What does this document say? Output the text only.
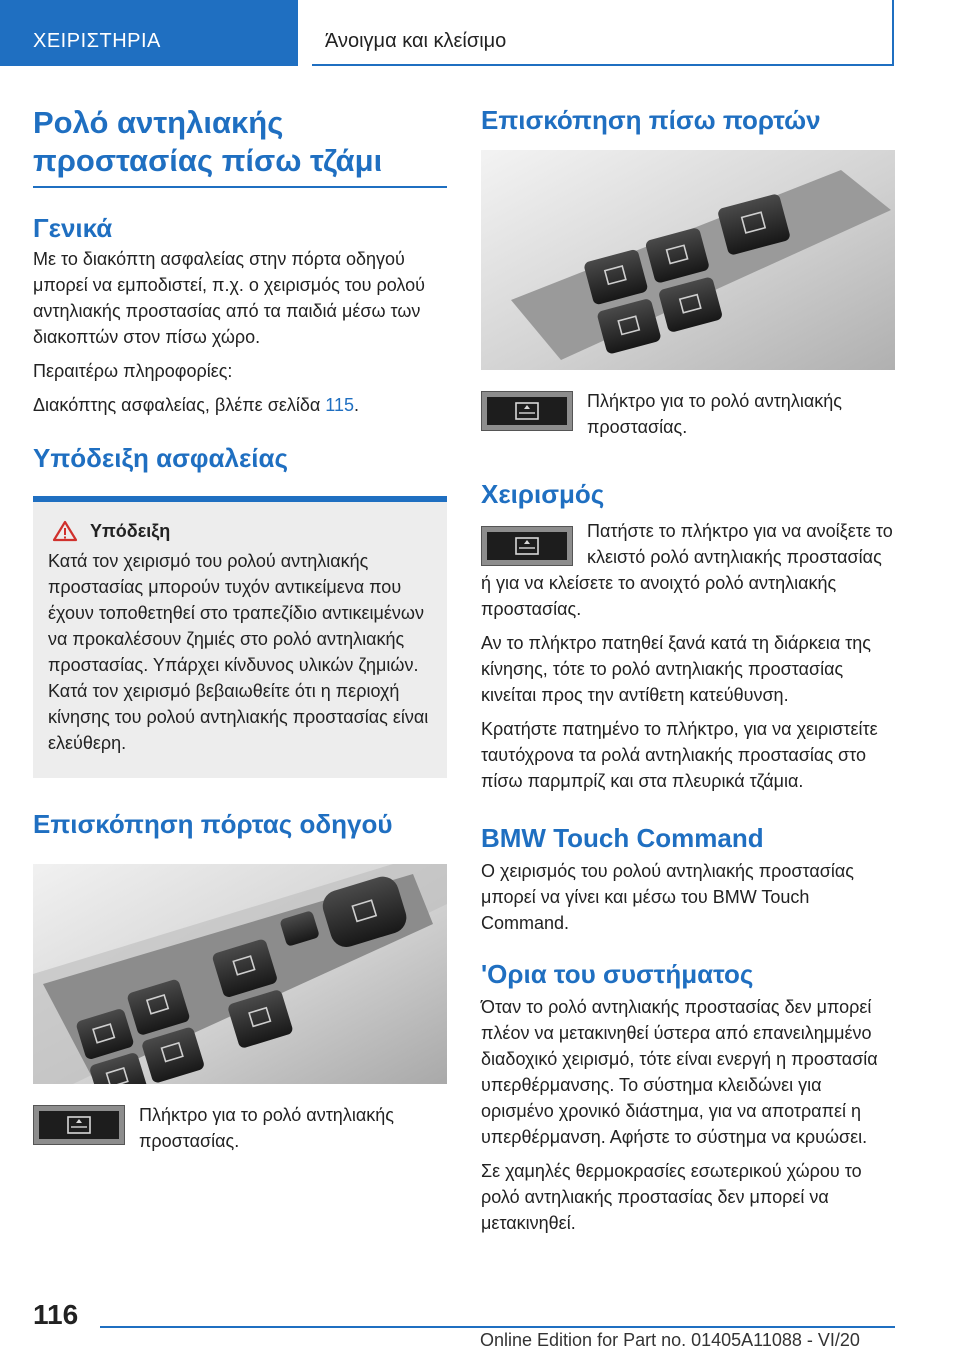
ΧΕΙΡΙΣΤΗΡΙΑ	Άνοιγμα και κλείσιμο
Ρολό αντηλιακής
προστασίας πίσω τζάμι
Γενικά

Με το διακόπτη ασφαλείας στην πόρτα οδηγού μπορεί να εμποδιστεί, π.χ. ο χειρισμός του ρολού αντηλιακής προστασίας από τα παιδιά μέσω των διακοπτών στον πίσω χώρο.

Περαιτέρω πληροφορίες:

Διακόπτης ασφαλείας, βλέπε σελίδα 115.

Υπόδειξη ασφαλείας
Υπόδειξη

Κατά τον χειρισμό του ρολού αντηλιακής προστασίας μπορούν τυχόν αντικείμενα που έχουν τοποθετηθεί στο τραπεζίδιο αντικειμένων να προκαλέσουν ζημιές στο ρολό αντηλιακής προστασίας. Υπάρχει κίνδυνος υλικών ζημιών. Κατά τον χειρισμό βεβαιωθείτε ότι η περιοχή κίνησης του ρολού αντηλιακής προστασίας είναι ελεύθερη.

Επισκόπηση πόρτας οδηγού

Πλήκτρο για το ρολό αντηλιακής προστασίας.

Επισκόπηση πίσω πορτών

Πλήκτρο για το ρολό αντηλιακής προστασίας.

Χειρισμός

Πατήστε το πλήκτρο για να ανοίξετε το κλειστό ρολό αντηλιακής προστασίας ή για να κλείσετε το ανοιχτό ρολό αντηλιακής προστασίας.

Αν το πλήκτρο πατηθεί ξανά κατά τη διάρκεια της κίνησης, τότε το ρολό αντηλιακής προστασίας κινείται προς την αντίθετη κατεύθυνση.

Κρατήστε πατημένο το πλήκτρο, για να χειριστείτε ταυτόχρονα τα ρολά αντηλιακής προστασίας στο πίσω παρμπρίζ και στα πλευρικά τζάμια.

BMW Touch Command

Ο χειρισμός του ρολού αντηλιακής προστασίας μπορεί να γίνει και μέσω του BMW Touch Command.

'Ορια του συστήματος

Όταν το ρολό αντηλιακής προστασίας δεν μπορεί πλέον να μετακινηθεί ύστερα από επανειλημμένο διαδοχικό χειρισμό, τότε είναι ενεργή η προστασία υπερθέρμανσης. Το σύστημα κλειδώνει για ορισμένο χρονικό διάστημα, για να αποτραπεί η υπερθέρμανση. Αφήστε το σύστημα να κρυώσει.

Σε χαμηλές θερμοκρασίες εσωτερικού χώρου το ρολό αντηλιακής προστασίας δεν μπορεί να μετακινηθεί.

116
Online Edition for Part no. 01405A11088 - VI/20
